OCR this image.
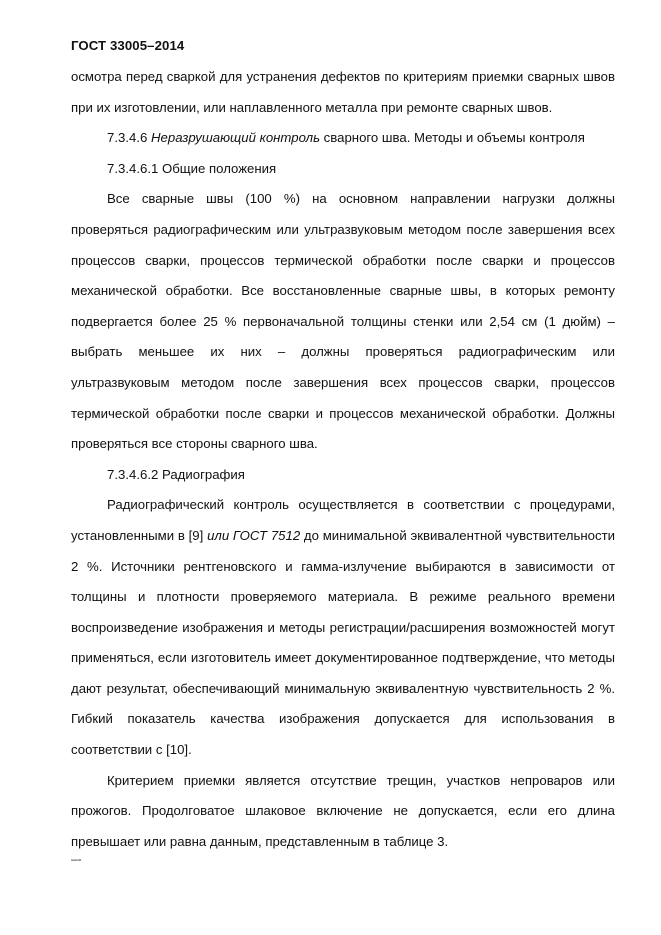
ГОСТ 33005–2014

осмотра перед сваркой для устранения дефектов по критериям приемки сварных швов при их изготовлении, или наплавленного металла при ремонте сварных швов.

7.3.4.6 Неразрушающий контроль сварного шва. Методы и объемы контроля

7.3.4.6.1 Общие положения

Все сварные швы (100 %) на основном направлении нагрузки должны проверяться радиографическим или ультразвуковым методом после завершения всех процессов сварки, процессов термической обработки после сварки и процессов механической обработки. Все восстановленные сварные швы, в которых ремонту подвергается более 25 % первоначальной толщины стенки или 2,54 см (1 дюйм) – выбрать меньшее их них – должны проверяться радиографическим или ультразвуковым методом после завершения всех процессов сварки, процессов термической обработки после сварки и процессов механической обработки. Должны проверяться все стороны сварного шва.

7.3.4.6.2 Радиография

Радиографический контроль осуществляется в соответствии с процедурами, установленными в [9] или ГОСТ 7512 до минимальной эквивалентной чувствительности 2 %. Источники рентгеновского и гамма-излучение выбираются в зависимости от толщины и плотности проверяемого материала. В режиме реального времени воспроизведение изображения и методы регистрации/расширения возможностей могут применяться, если изготовитель имеет документированное подтверждение, что методы дают результат, обеспечивающий минимальную эквивалентную чувствительность 2 %. Гибкий показатель качества изображения допускается для использования в соответствии с [10].

Критерием приемки является отсутствие трещин, участков непроваров или прожогов. Продолговатое шлаковое включение не допускается, если его длина превышает или равна данным, представленным в таблице 3.

–-
